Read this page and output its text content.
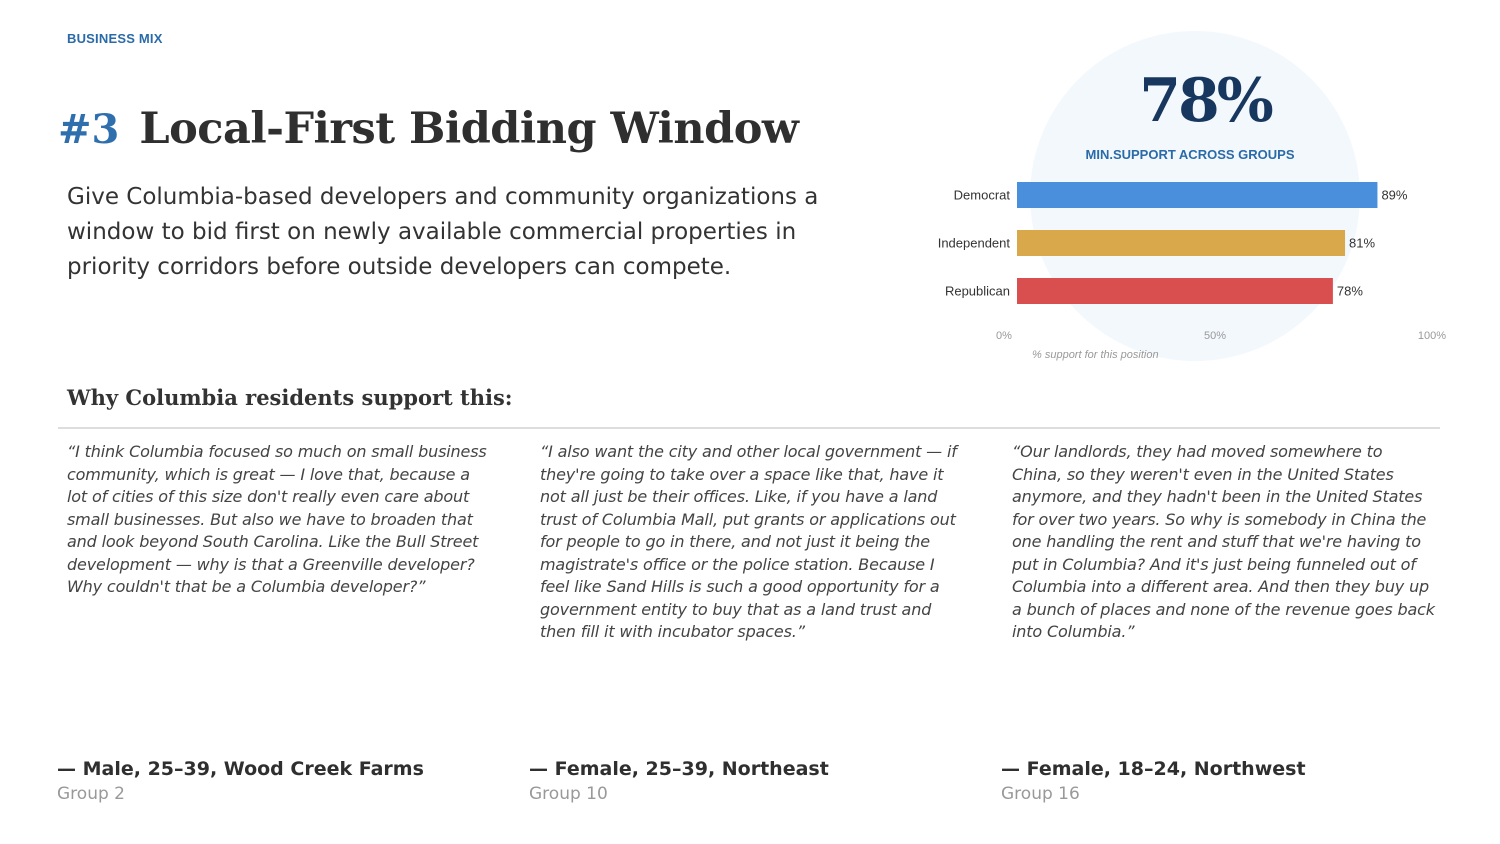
BUSINESS MIX
#3 Local-First Bidding Window
Give Columbia-based developers and community organizations a window to bid first on newly available commercial properties in priority corridors before outside developers can compete.
78%
MIN.SUPPORT ACROSS GROUPS
Democrat	89%
Independent	81%
Republican	78%
0%	50%	100%
% support for this position
Why Columbia residents support this:
“I think Columbia focused so much on small business community, which is great — I love that, because a lot of cities of this size don't really even care about small businesses. But also we have to broaden that and look beyond South Carolina. Like the Bull Street development — why is that a Greenville developer? Why couldn't that be a Columbia developer?”
“I also want the city and other local government — if they're going to take over a space like that, have it not all just be their offices. Like, if you have a land trust of Columbia Mall, put grants or applications out for people to go in there, and not just it being the magistrate's office or the police station. Because I feel like Sand Hills is such a good opportunity for a government entity to buy that as a land trust and then fill it with incubator spaces.”
“Our landlords, they had moved somewhere to China, so they weren't even in the United States anymore, and they hadn't been in the United States for over two years. So why is somebody in China the one handling the rent and stuff that we're having to put in Columbia? And it's just being funneled out of Columbia into a different area. And then they buy up a bunch of places and none of the revenue goes back into Columbia.”
— Male, 25–39, Wood Creek Farms	— Female, 25–39, Northeast	— Female, 18–24, Northwest
Group 2	Group 10	Group 16
